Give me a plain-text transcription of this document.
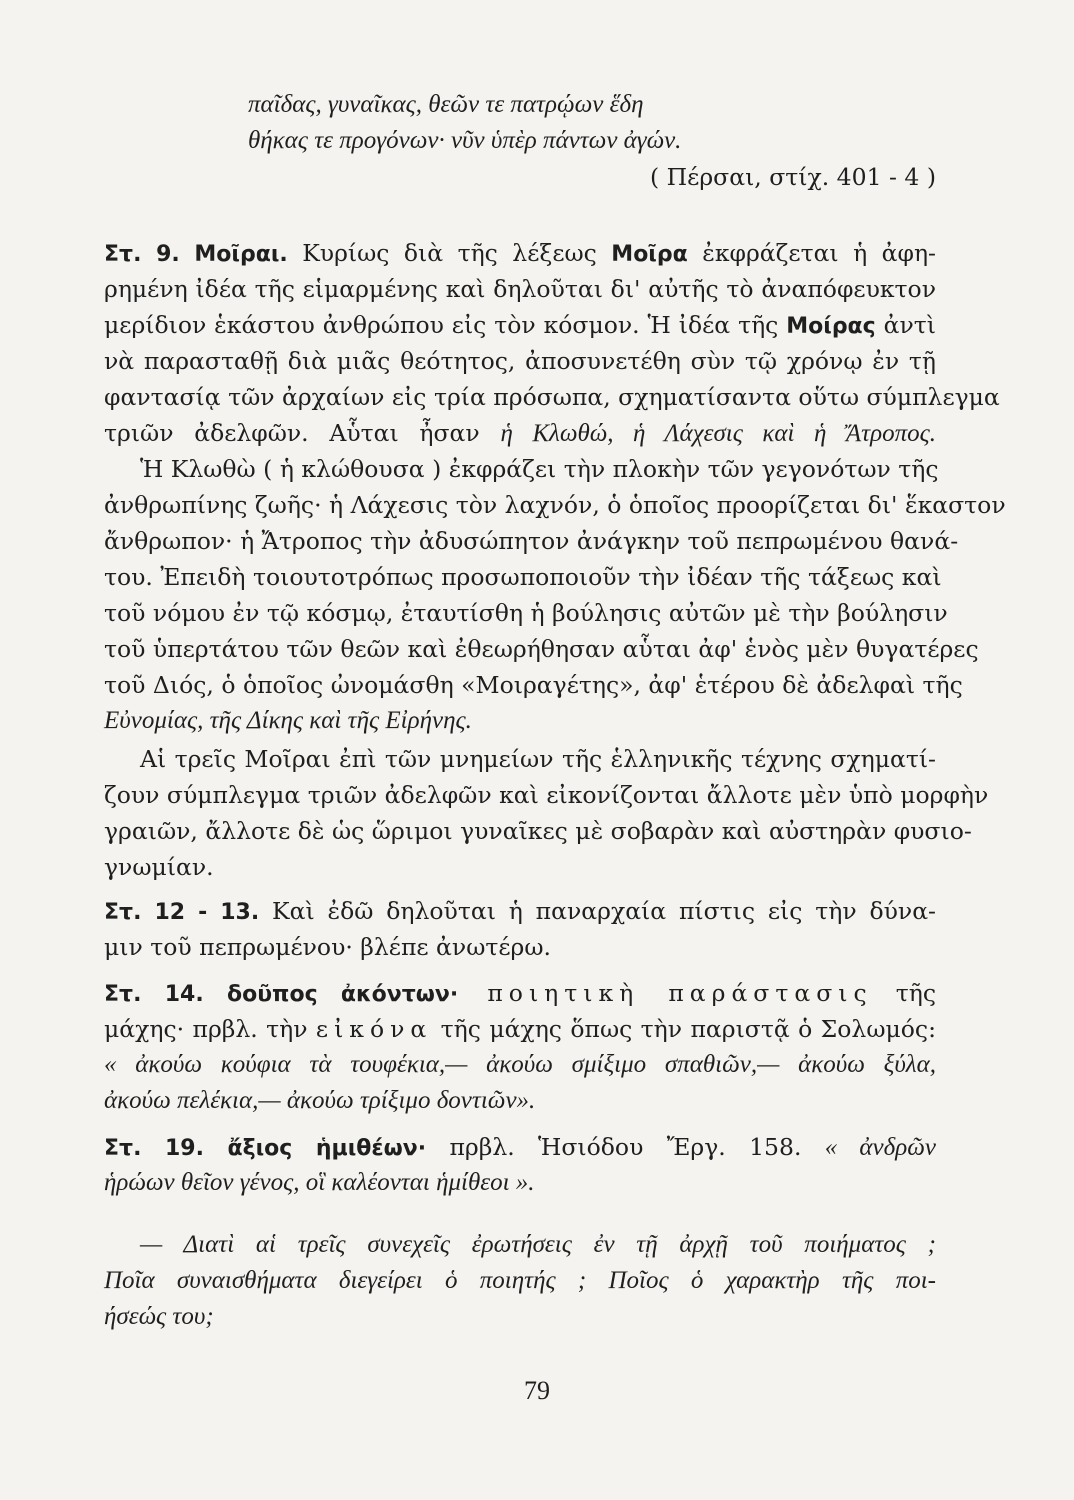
παῖδας, γυναῖκας, θεῶν τε πατρῴων ἕδη
θήκας τε προγόνων· νῦν ὑπὲρ πάντων ἀγών.
( Πέρσαι, στίχ. 401 - 4 )
Στ. 9. Μοῖραι. Κυρίως διὰ τῆς λέξεως Μοῖρα ἐκφράζεται ἡ ἀφη-
ρημένη ἰδέα τῆς εἱμαρμένης καὶ δηλοῦται δι' αὐτῆς τὸ ἀναπόφευκτον
μερίδιον ἑκάστου ἀνθρώπου εἰς τὸν κόσμον. Ἡ ἰδέα τῆς Μοίρας ἀντὶ
νὰ παρασταθῇ διὰ μιᾶς θεότητος, ἀποσυνετέθη σὺν τῷ χρόνῳ ἐν τῇ
φαντασίᾳ τῶν ἀρχαίων εἰς τρία πρόσωπα, σχηματίσαντα οὕτω σύμπλεγμα
τριῶν ἀδελφῶν. Αὗται ἦσαν ἡ Κλωθώ, ἡ Λάχεσις καὶ ἡ Ἄτροπος.
Ἡ Κλωθὼ ( ἡ κλώθουσα ) ἐκφράζει τὴν πλοκὴν τῶν γεγονότων τῆς
ἀνθρωπίνης ζωῆς· ἡ Λάχεσις τὸν λαχνόν, ὁ ὁποῖος προορίζεται δι' ἕκαστον
ἄνθρωπον· ἡ Ἄτροπος τὴν ἀδυσώπητον ἀνάγκην τοῦ πεπρωμένου θανά-
του. Ἐπειδὴ τοιουτοτρόπως προσωποποιοῦν τὴν ἰδέαν τῆς τάξεως καὶ
τοῦ νόμου ἐν τῷ κόσμῳ, ἐταυτίσθη ἡ βούλησις αὐτῶν μὲ τὴν βούλησιν
τοῦ ὑπερτάτου τῶν θεῶν καὶ ἐθεωρήθησαν αὗται ἀφ' ἑνὸς μὲν θυγατέρες
τοῦ Διός, ὁ ὁποῖος ὠνομάσθη «Μοιραγέτης», ἀφ' ἑτέρου δὲ ἀδελφαὶ τῆς
Εὐνομίας, τῆς Δίκης καὶ τῆς Εἰρήνης.
Αἱ τρεῖς Μοῖραι ἐπὶ τῶν μνημείων τῆς ἑλληνικῆς τέχνης σχηματί-
ζουν σύμπλεγμα τριῶν ἀδελφῶν καὶ εἰκονίζονται ἄλλοτε μὲν ὑπὸ μορφὴν
γραιῶν, ἄλλοτε δὲ ὡς ὥριμοι γυναῖκες μὲ σοβαρὰν καὶ αὐστηρὰν φυσιο-
γνωμίαν.
Στ. 12 - 13. Καὶ ἐδῶ δηλοῦται ἡ παναρχαία πίστις εἰς τὴν δύνα-
μιν τοῦ πεπρωμένου· βλέπε ἀνωτέρω.
Στ. 14. δοῦπος ἀκόντων· ποιητικὴ παράστασις τῆς
μάχης· πρβλ. τὴν εἰκόνα τῆς μάχης ὅπως τὴν παριστᾷ ὁ Σολωμός:
« ἀκούω κούφια τὰ τουφέκια,— ἀκούω σμίξιμο σπαθιῶν,— ἀκούω ξύλα,
ἀκούω πελέκια,— ἀκούω τρίξιμο δοντιῶν».
Στ. 19. ἄξιος ἡμιθέων· πρβλ. Ἡσιόδου Ἔργ. 158. « ἀνδρῶν
ἡρώων θεῖον γένος, οἳ καλέονται ἡμίθεοι ».
— Διατὶ αἱ τρεῖς συνεχεῖς ἐρωτήσεις ἐν τῇ ἀρχῇ τοῦ ποιήματος ;
Ποῖα συναισθήματα διεγείρει ὁ ποιητής ; Ποῖος ὁ χαρακτὴρ τῆς ποι-
ήσεώς του;
79
